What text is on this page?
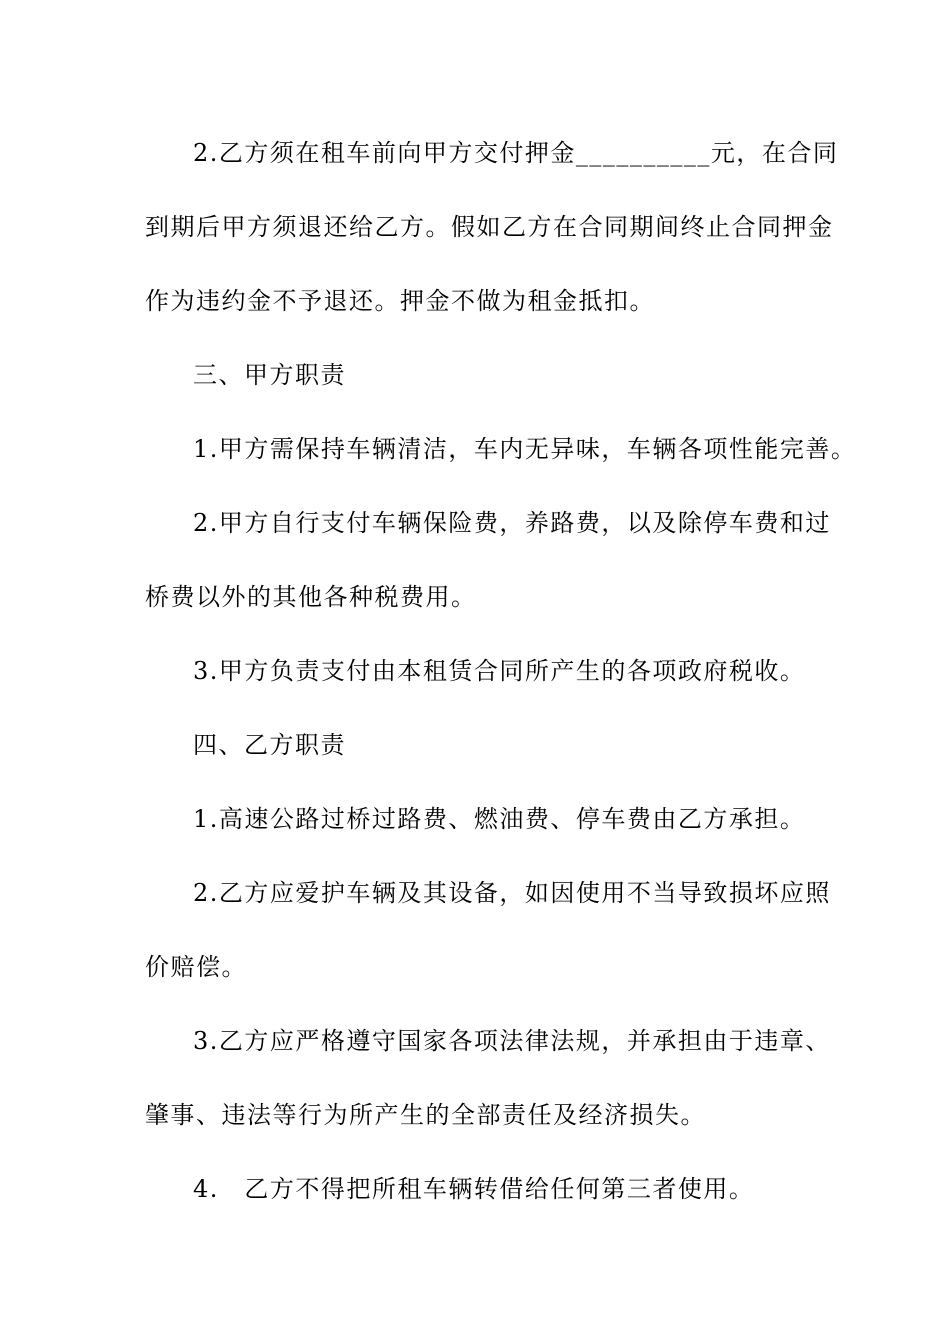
2.乙方须在租车前向甲方交付押金__________元，在合同
到期后甲方须退还给乙方。假如乙方在合同期间终止合同押金
作为违约金不予退还。押金不做为租金抵扣。
三、甲方职责
1.甲方需保持车辆清洁，车内无异味，车辆各项性能完善。
2.甲方自行支付车辆保险费，养路费，以及除停车费和过
桥费以外的其他各种税费用。
3.甲方负责支付由本租赁合同所产生的各项政府税收。
四、乙方职责
1.高速公路过桥过路费、燃油费、停车费由乙方承担。
2.乙方应爱护车辆及其设备，如因使用不当导致损坏应照
价赔偿。
3.乙方应严格遵守国家各项法律法规，并承担由于违章、
肇事、违法等行为所产生的全部责任及经济损失。
4.　乙方不得把所租车辆转借给任何第三者使用。
